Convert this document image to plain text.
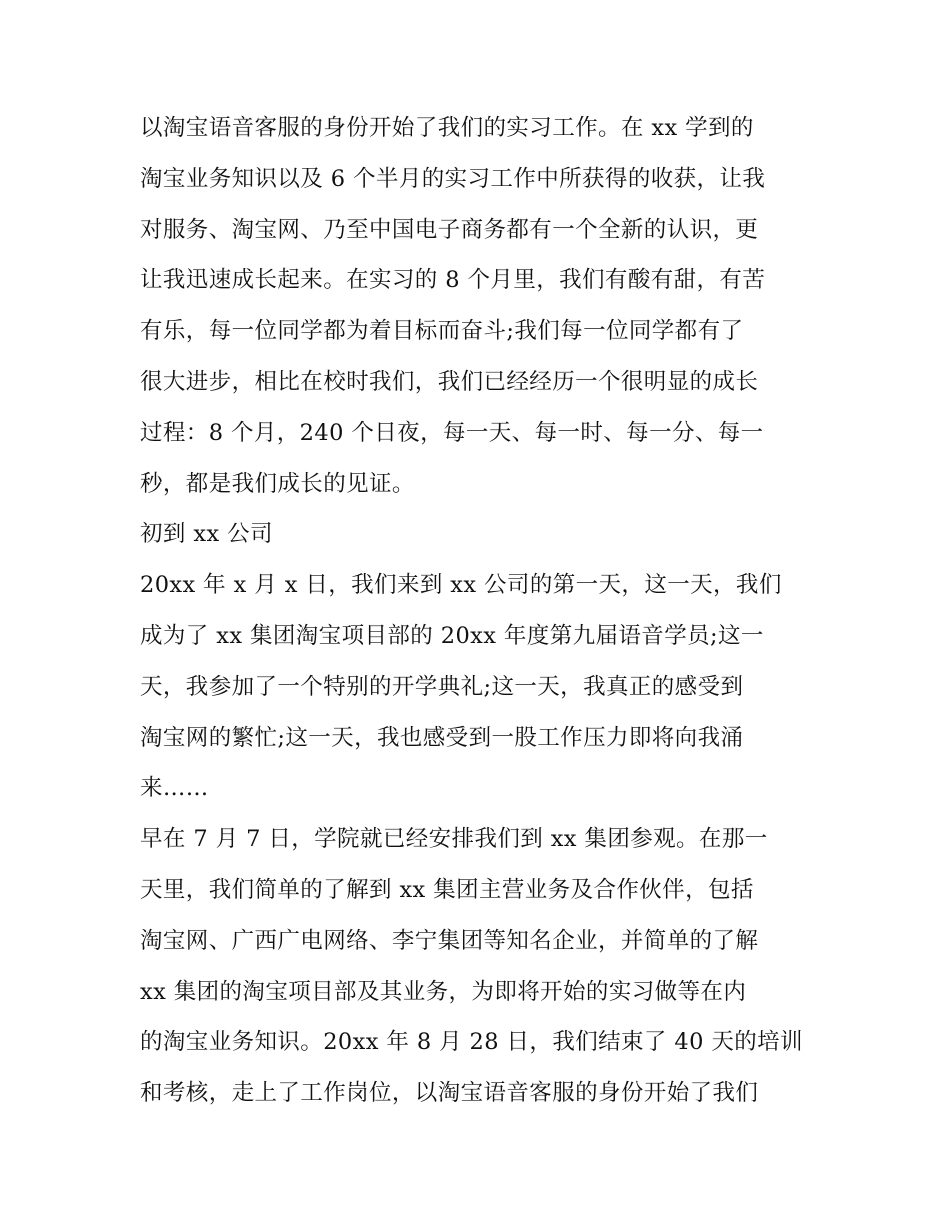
以淘宝语音客服的身份开始了我们的实习工作。在 xx 学到的
淘宝业务知识以及 6 个半月的实习工作中所获得的收获，让我
对服务、淘宝网、乃至中国电子商务都有一个全新的认识，更
让我迅速成长起来。在实习的 8 个月里，我们有酸有甜，有苦
有乐，每一位同学都为着目标而奋斗;我们每一位同学都有了
很大进步，相比在校时我们，我们已经经历一个很明显的成长
过程：8 个月，240 个日夜，每一天、每一时、每一分、每一
秒，都是我们成长的见证。
初到 xx 公司
20xx 年 x 月 x 日，我们来到 xx 公司的第一天，这一天，我们
成为了 xx 集团淘宝项目部的 20xx 年度第九届语音学员;这一
天，我参加了一个特别的开学典礼;这一天，我真正的感受到
淘宝网的繁忙;这一天，我也感受到一股工作压力即将向我涌
来……
早在 7 月 7 日，学院就已经安排我们到 xx 集团参观。在那一
天里，我们简单的了解到 xx 集团主营业务及合作伙伴，包括
淘宝网、广西广电网络、李宁集团等知名企业，并简单的了解
xx 集团的淘宝项目部及其业务，为即将开始的实习做等在内
的淘宝业务知识。20xx 年 8 月 28 日，我们结束了 40 天的培训
和考核，走上了工作岗位，以淘宝语音客服的身份开始了我们
